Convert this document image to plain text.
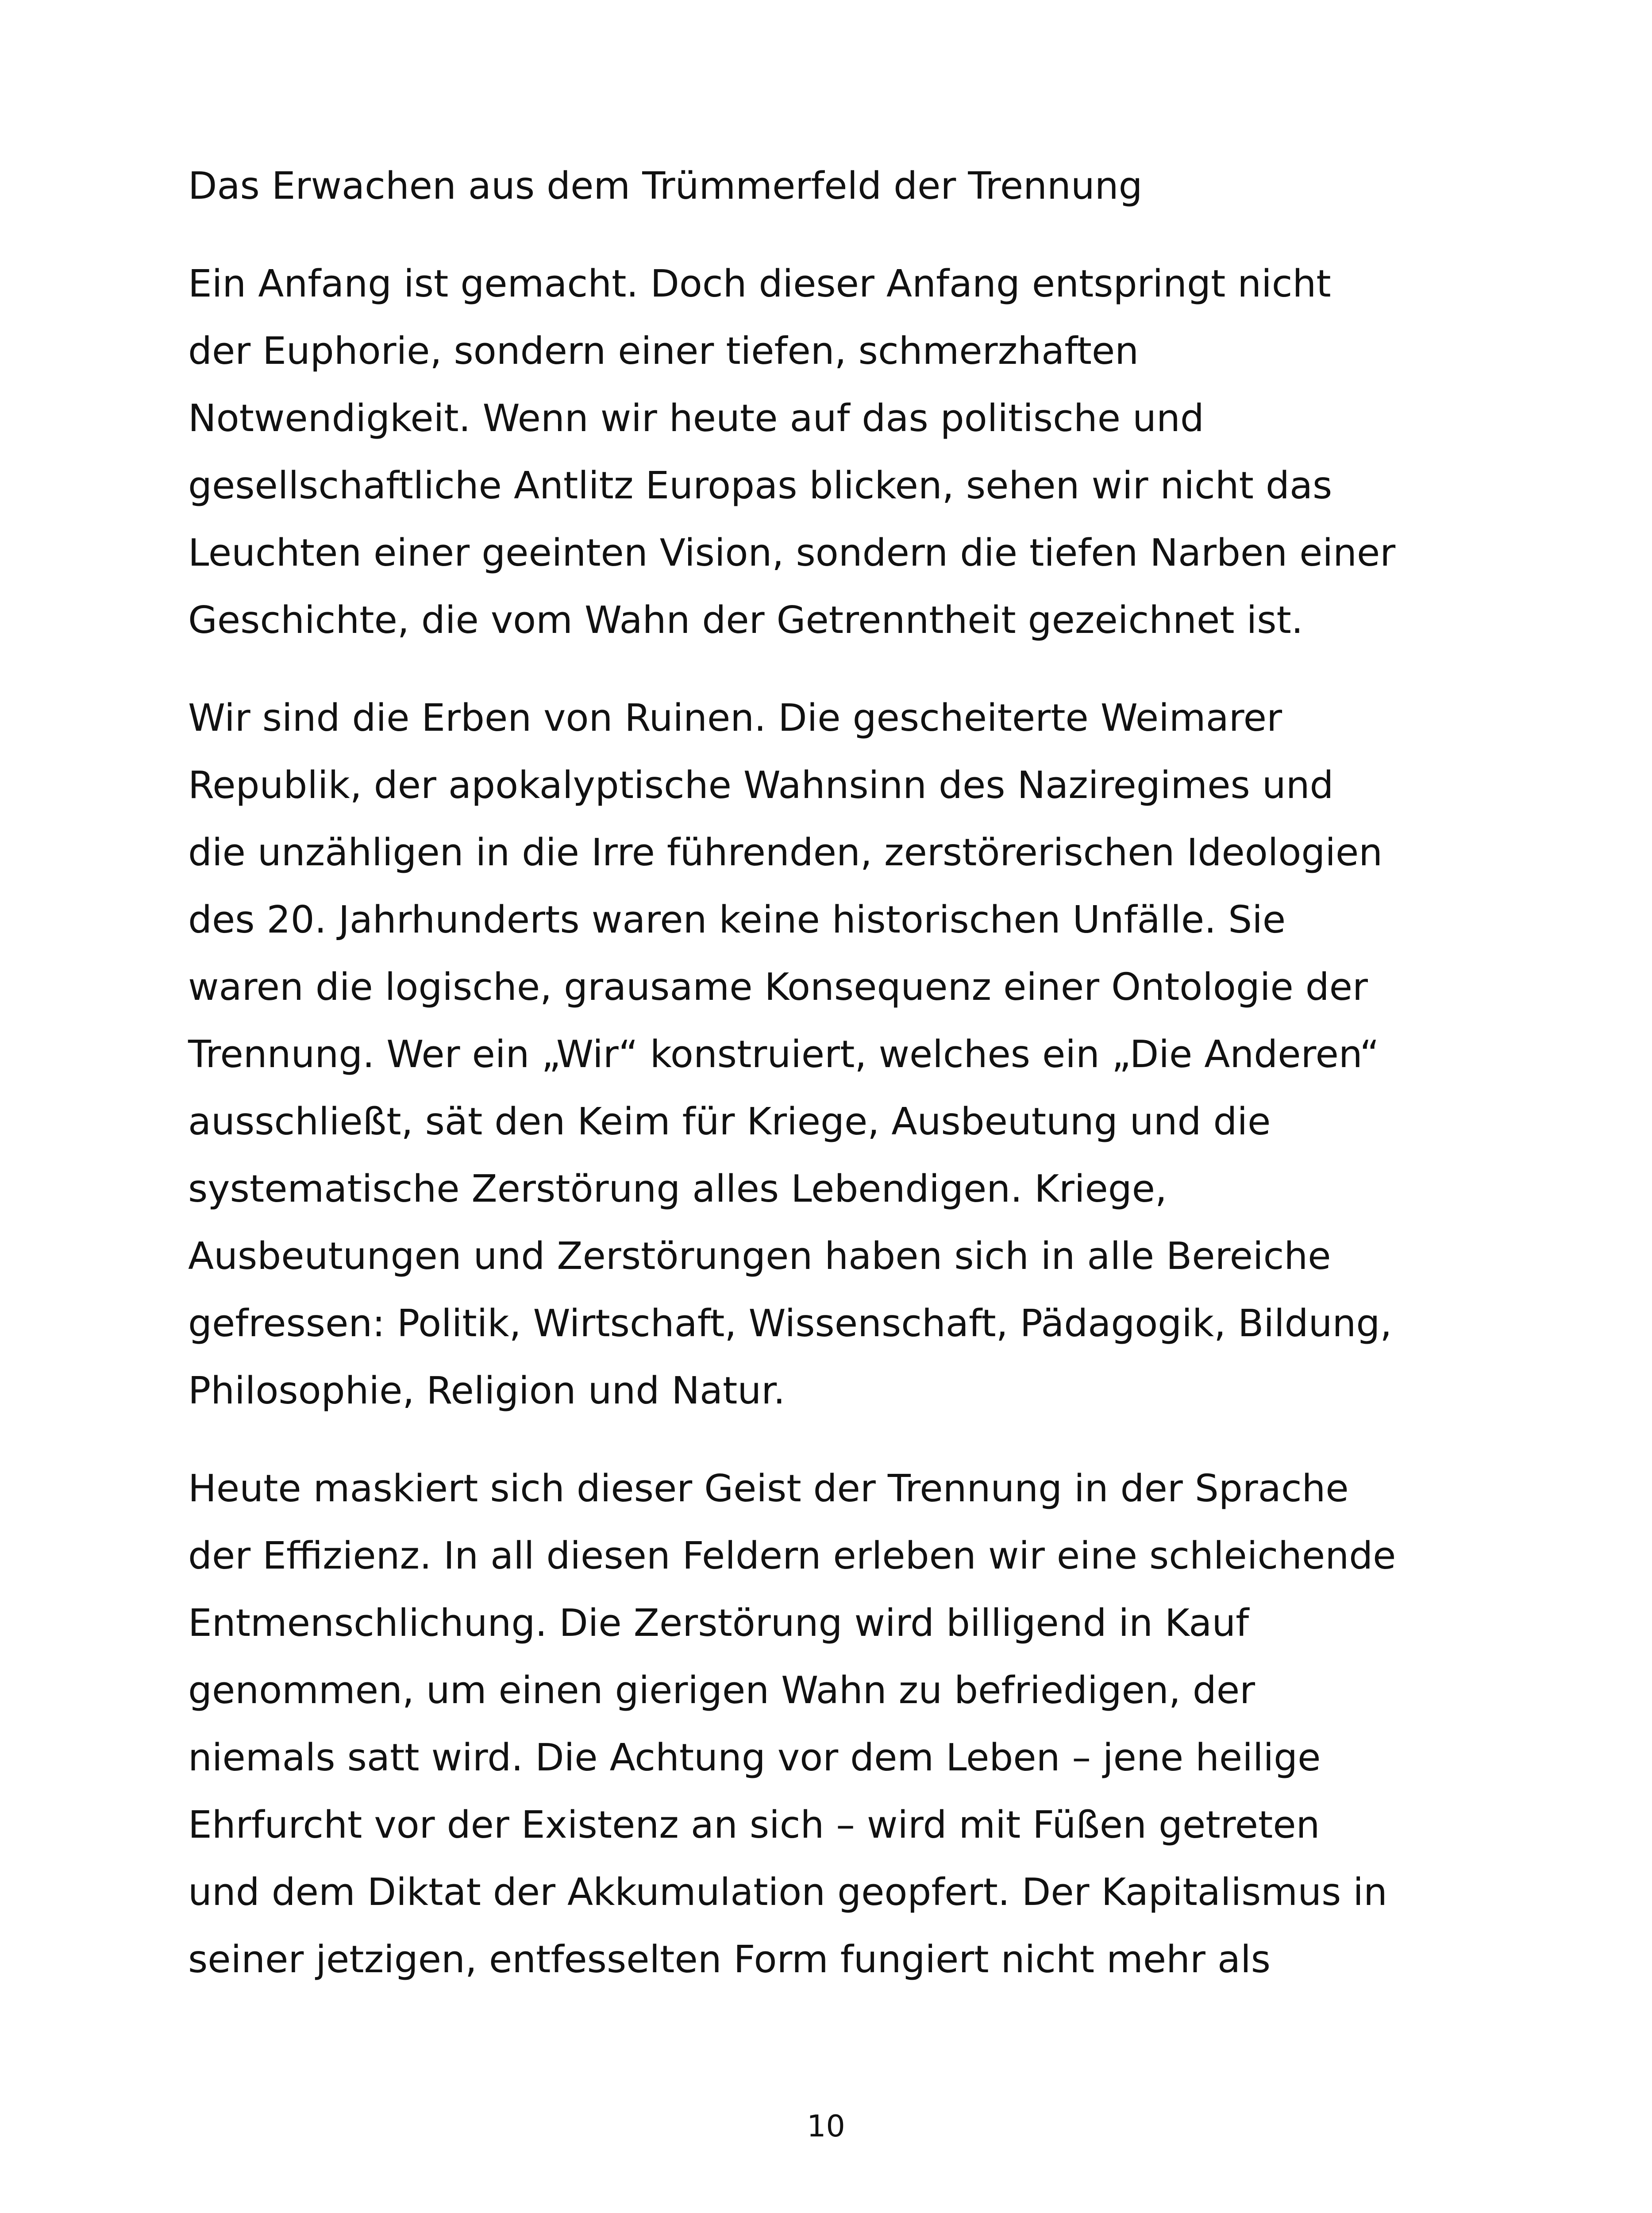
Das Erwachen aus dem Trümmerfeld der Trennung

Ein Anfang ist gemacht. Doch dieser Anfang entspringt nicht
der Euphorie, sondern einer tiefen, schmerzhaften
Notwendigkeit. Wenn wir heute auf das politische und
gesellschaftliche Antlitz Europas blicken, sehen wir nicht das
Leuchten einer geeinten Vision, sondern die tiefen Narben einer
Geschichte, die vom Wahn der Getrenntheit gezeichnet ist.

Wir sind die Erben von Ruinen. Die gescheiterte Weimarer
Republik, der apokalyptische Wahnsinn des Naziregimes und
die unzähligen in die Irre führenden, zerstörerischen Ideologien
des 20. Jahrhunderts waren keine historischen Unfälle. Sie
waren die logische, grausame Konsequenz einer Ontologie der
Trennung. Wer ein „Wir“ konstruiert, welches ein „Die Anderen“
ausschließt, sät den Keim für Kriege, Ausbeutung und die
systematische Zerstörung alles Lebendigen. Kriege,
Ausbeutungen und Zerstörungen haben sich in alle Bereiche
gefressen: Politik, Wirtschaft, Wissenschaft, Pädagogik, Bildung,
Philosophie, Religion und Natur.

Heute maskiert sich dieser Geist der Trennung in der Sprache
der Effizienz. In all diesen Feldern erleben wir eine schleichende
Entmenschlichung. Die Zerstörung wird billigend in Kauf
genommen, um einen gierigen Wahn zu befriedigen, der
niemals satt wird. Die Achtung vor dem Leben – jene heilige
Ehrfurcht vor der Existenz an sich – wird mit Füßen getreten
und dem Diktat der Akkumulation geopfert. Der Kapitalismus in
seiner jetzigen, entfesselten Form fungiert nicht mehr als

10
